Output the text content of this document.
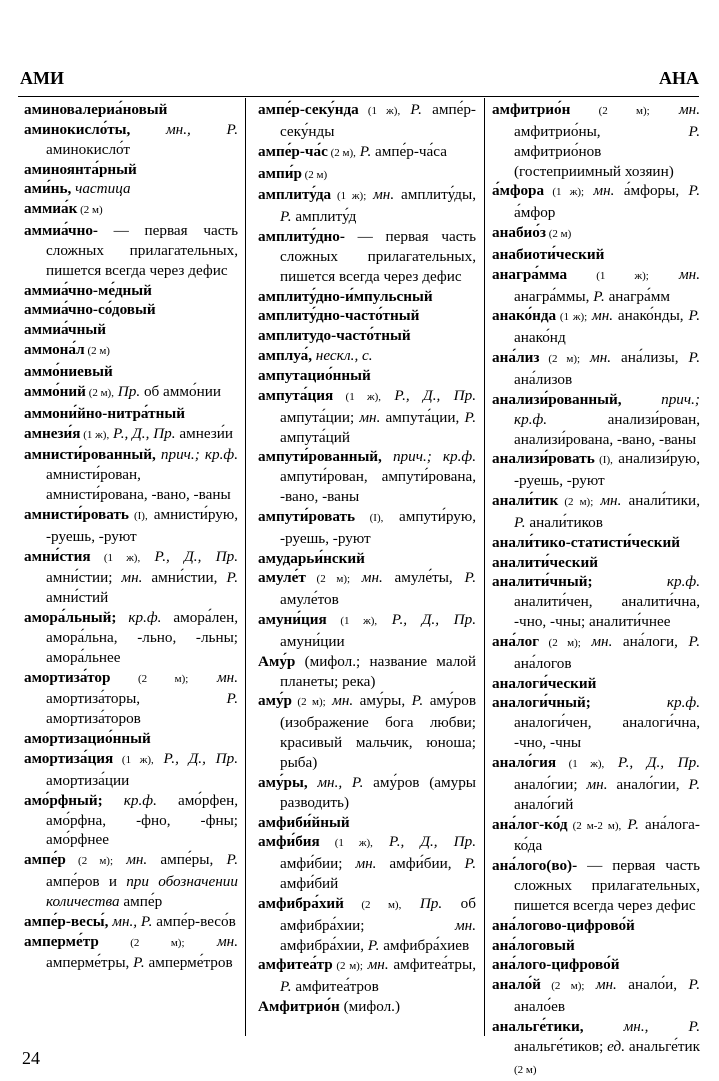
АМИ	АНА
аминовалериа́новый
аминокисло́ты, мн., Р. аминокисло́т
аминоянта́рный
ами́нь, частица
аммиа́к (2 м)
аммиа́чно- — первая часть сложных прилагательных, пишется всегда через дефис
аммиа́чно-ме́дный
аммиа́чно-со́довый
аммиа́чный
аммона́л (2 м)
аммо́ниевый
аммо́ний (2 м), Пр. об аммо́нии
аммони́йно-нитра́тный
амнези́я (1 ж), Р., Д., Пр. амнези́и
амнисти́рованный, прич.; кр.ф. амнисти́рован, амнисти́рована, -вано, -ваны
амнисти́ровать (I), амнисти́рую, -руешь, -руют
амни́стия (1 ж), Р., Д., Пр. амни́стии; мн. амни́стии, Р. амни́стий
амора́льный; кр.ф. амора́лен, амора́льна, -льно, -льны; амора́льнее
амортиза́тор (2 м); мн. амортиза́торы, Р. амортиза́торов
амортизацио́нный
амортиза́ция (1 ж), Р., Д., Пр. амортиза́ции
амо́рфный; кр.ф. амо́рфен, амо́рфна, -фно, -фны; амо́рфнее
ампе́р (2 м); мн. ампе́ры, Р. ампе́ров и при обозначении количества ампе́р
ампе́р-весы́, мн., Р. ампе́р-весо́в
амперме́тр (2 м); мн. амперме́тры, Р. амперме́тров
ампе́р-секу́нда (1 ж), Р. ампе́р-секу́нды
ампе́р-ча́с (2 м), Р. ампе́р-ча́са
ампи́р (2 м)
амплиту́да (1 ж); мн. амплиту́ды, Р. амплиту́д
амплиту́дно- — первая часть сложных прилагательных, пишется всегда через дефис
амплиту́дно-и́мпульсный
амплиту́дно-часто́тный
амплитудо-часто́тный
амплуа́, нескл., с.
ампутацио́нный
ампута́ция (1 ж), Р., Д., Пр. ампута́ции; мн. ампута́ции, Р. ампута́ций
ампути́рованный, прич.; кр.ф. ампути́рован, ампути́рована, -вано, -ваны
ампути́ровать (I), ампути́рую, -руешь, -руют
амударьи́нский
амуле́т (2 м); мн. амуле́ты, Р. амуле́тов
амуни́ция (1 ж), Р., Д., Пр. амуни́ции
Аму́р (мифол.; название малой планеты; река)
аму́р (2 м); мн. аму́ры, Р. аму́ров (изображение бога любви; красивый мальчик, юноша; рыба)
аму́ры, мн., Р. аму́ров (амуры разводить)
амфиби́йный
амфи́бия (1 ж), Р., Д., Пр. амфи́бии; мн. амфи́бии, Р. амфи́бий
амфибра́хий (2 м), Пр. об амфибра́хии; мн. амфибра́хии, Р. амфибра́хиев
амфитеа́тр (2 м); мн. амфитеа́тры, Р. амфитеа́тров
Амфитрио́н (мифол.)
амфитрио́н (2 м); мн. амфитрио́ны, Р. амфитрио́нов (гостеприимный хозяин)
а́мфора (1 ж); мн. а́мфоры, Р. а́мфор
анабио́з (2 м)
анабиоти́ческий
анагра́мма (1 ж); мн. анагра́ммы, Р. анагра́мм
анако́нда (1 ж); мн. анако́нды, Р. анако́нд
ана́лиз (2 м); мн. ана́лизы, Р. ана́лизов
анализи́рованный, прич.; кр.ф. анализи́рован, анализи́рована, -вано, -ваны
анализи́ровать (I), анализи́рую, -руешь, -руют
анали́тик (2 м); мн. анали́тики, Р. анали́тиков
анали́тико-статисти́ческий
аналити́ческий
аналити́чный; кр.ф. аналити́чен, аналити́чна, -чно, -чны; аналити́чнее
ана́лог (2 м); мн. ана́логи, Р. ана́логов
аналоги́ческий
аналоги́чный; кр.ф. аналоги́чен, аналоги́чна, -чно, -чны
анало́гия (1 ж), Р., Д., Пр. анало́гии; мн. анало́гии, Р. анало́гий
ана́лог-ко́д (2 м-2 м), Р. ана́лога-ко́да
ана́лого(во)- — первая часть сложных прилагательных, пишется всегда через дефис
ана́логово-цифрово́й
ана́логовый
ана́лого-цифрово́й
анало́й (2 м); мн. анало́и, Р. анало́ев
анальге́тики, мн., Р. анальге́тиков; ед. анальге́тик (2 м)
24
